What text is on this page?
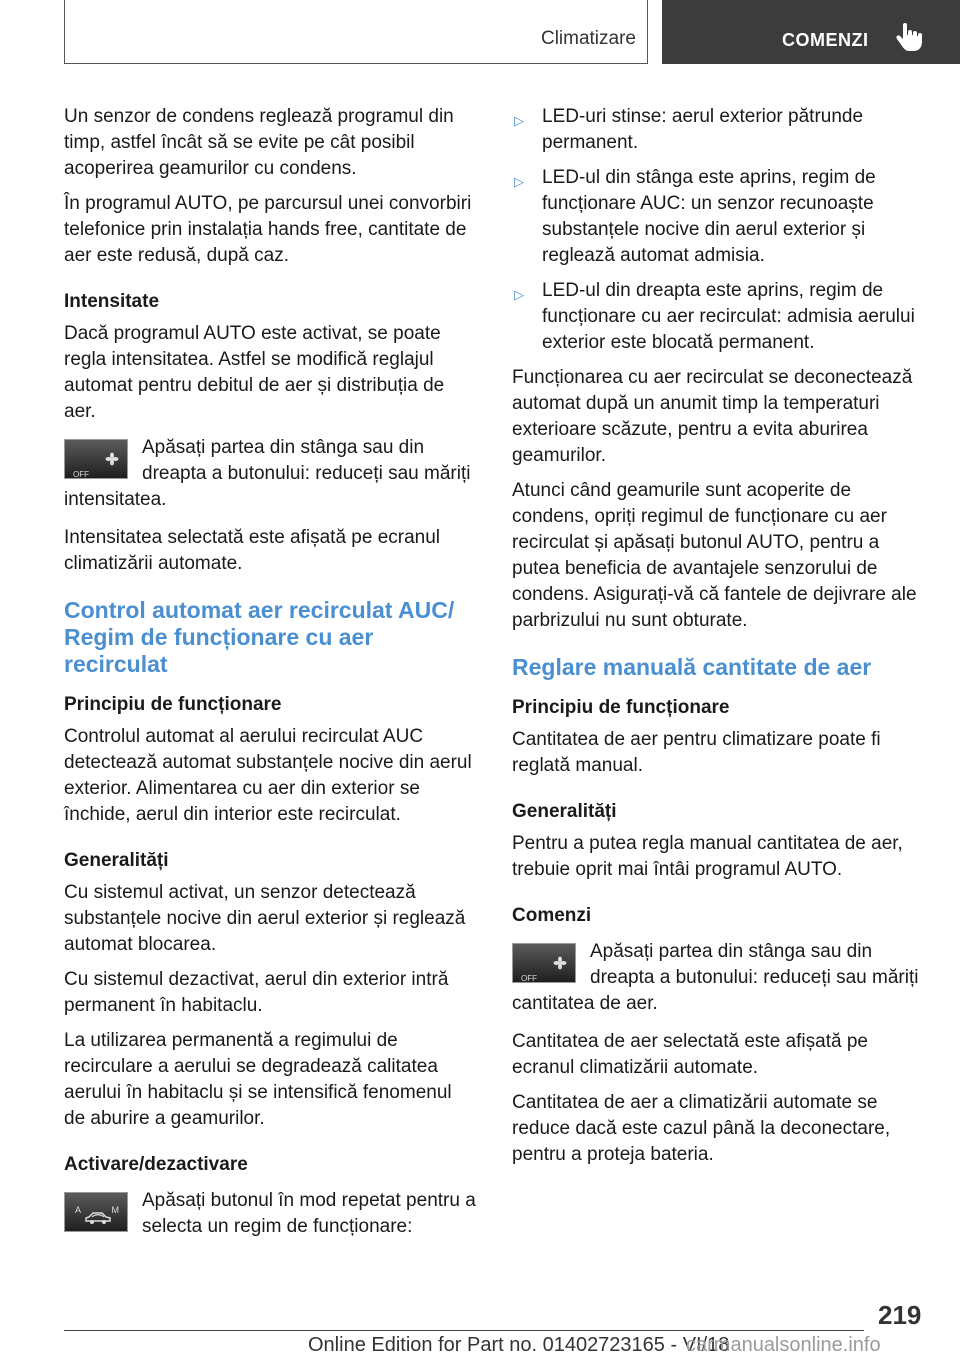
Climatizare	COMENZI

Un senzor de condens reglează programul din timp, astfel încât să se evite pe cât posibil acoperirea geamurilor cu condens.

În programul AUTO, pe parcursul unei convorbiri telefonice prin instalația hands free, cantitate de aer este redusă, după caz.

Intensitate

Dacă programul AUTO este activat, se poate regla intensitatea. Astfel se modifică reglajul automat pentru debitul de aer și distribuția de aer.

OFF
Apăsați partea din stânga sau din dreapta a butonului: reduceți sau măriți intensitatea.

Intensitatea selectată este afișată pe ecranul climatizării automate.

Control automat aer recirculat AUC/ Regim de funcționare cu aer recirculat
Principiu de funcționare

Controlul automat al aerului recirculat AUC detectează automat substanțele nocive din aerul exterior. Alimentarea cu aer din exterior se închide, aerul din interior este recirculat.

Generalități

Cu sistemul activat, un senzor detectează substanțele nocive din aerul exterior și reglează automat blocarea.

Cu sistemul dezactivat, aerul din exterior intră permanent în habitaclu.

La utilizarea permanentă a regimului de recirculare a aerului se degradează calitatea aerului în habitaclu și se intensifică fenomenul de aburire a geamurilor.

Activare/dezactivare
A	M	Apăsați butonul în mod repetat pentru a selecta un regim de funcționare:
▷ LED-uri stinse: aerul exterior pătrunde permanent.
▷ LED-ul din stânga este aprins, regim de funcționare AUC: un senzor recunoaște substanțele nocive din aerul exterior și reglează automat admisia.
▷ LED-ul din dreapta este aprins, regim de funcționare cu aer recirculat: admisia aerului exterior este blocată permanent.

Funcționarea cu aer recirculat se deconectează automat după un anumit timp la temperaturi exterioare scăzute, pentru a evita aburirea geamurilor.

Atunci când geamurile sunt acoperite de condens, opriți regimul de funcționare cu aer recirculat și apăsați butonul AUTO, pentru a putea beneficia de avantajele senzorului de condens. Asigurați-vă că fantele de dejivrare ale parbrizului nu sunt obturate.

Reglare manuală cantitate de aer
Principiu de funcționare

Cantitatea de aer pentru climatizare poate fi reglată manual.

Generalități

Pentru a putea regla manual cantitatea de aer, trebuie oprit mai întâi programul AUTO.

Comenzi
OFF
Apăsați partea din stânga sau din dreapta a butonului: reduceți sau măriți cantitatea de aer.

Cantitatea de aer selectată este afișată pe ecranul climatizării automate.

Cantitatea de aer a climatizării automate se reduce dacă este cazul până la deconectare, pentru a proteja bateria.

219
Online Edition for Part no. 01402723165 - VI/18
carmanualsonline.info
